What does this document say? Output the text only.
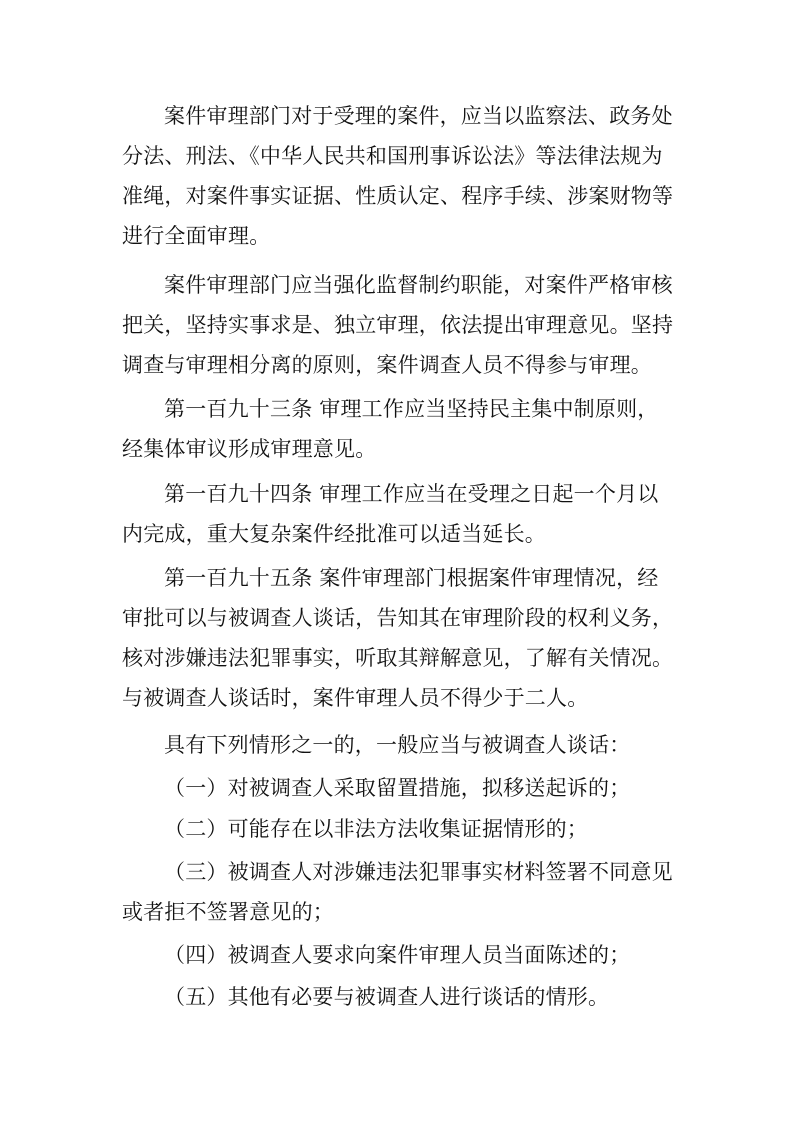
案件审理部门对于受理的案件，应当以监察法、政务处
分法、刑法、《中华人民共和国刑事诉讼法》等法律法规为
准绳，对案件事实证据、性质认定、程序手续、涉案财物等
进行全面审理。
案件审理部门应当强化监督制约职能，对案件严格审核
把关，坚持实事求是、独立审理，依法提出审理意见。坚持
调查与审理相分离的原则，案件调查人员不得参与审理。
第一百九十三条 审理工作应当坚持民主集中制原则，
经集体审议形成审理意见。
第一百九十四条 审理工作应当在受理之日起一个月以
内完成，重大复杂案件经批准可以适当延长。
第一百九十五条 案件审理部门根据案件审理情况，经
审批可以与被调查人谈话，告知其在审理阶段的权利义务，
核对涉嫌违法犯罪事实，听取其辩解意见，了解有关情况。
与被调查人谈话时，案件审理人员不得少于二人。
具有下列情形之一的，一般应当与被调查人谈话：
（一）对被调查人采取留置措施，拟移送起诉的；
（二）可能存在以非法方法收集证据情形的；
（三）被调查人对涉嫌违法犯罪事实材料签署不同意见
或者拒不签署意见的；
（四）被调查人要求向案件审理人员当面陈述的；
（五）其他有必要与被调查人进行谈话的情形。
